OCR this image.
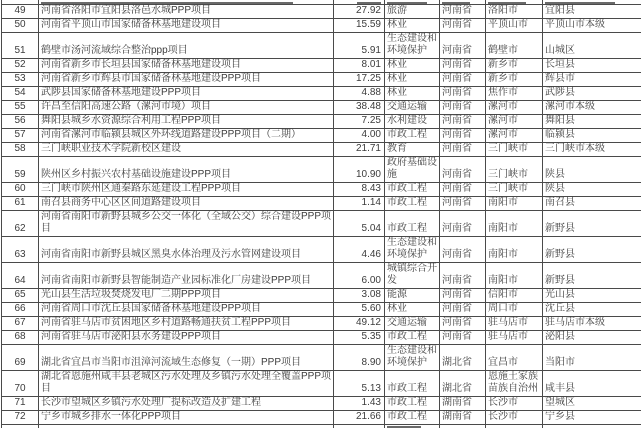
49	河南省洛阳市宜阳县洛邑水城PPP项目	27.92	旅游	河南省	洛阳市	宜阳县
50	河南省平顶山市国家储备林基地建设项目	15.59	林业	河南省	平顶山市	平顶山市本级
51	鹤壁市汤河流域综合整治ppp项目	5.91	生态建设和环境保护	河南省	鹤壁市	山城区
52	河南省新乡市长垣县国家储备林基地建设项目	8.01	林业	河南省	新乡市	长垣县
53	河南省新乡市辉县市国家储备林基地建设PPP项目	17.25	林业	河南省	新乡市	辉县市
54	武陟县国家储备林基地建设PPP项目	4.88	林业	河南省	焦作市	武陟县
55	许昌至信阳高速公路（漯河市境）项目	38.48	交通运输	河南省	漯河市	漯河市本级
56	舞阳县城乡水资源综合利用工程PPP项目	7.25	水利建设	河南省	漯河市	舞阳县
57	河南省漯河市临颍县城区外环线道路建设PPP项目（二期）	4.00	市政工程	河南省	漯河市	临颍县
58	三门峡职业技术学院新校区建设	21.71	教育	河南省	三门峡市	三门峡市本级
59	陕州区乡村振兴农村基础设施建设PPP项目	10.90	政府基础设施	河南省	三门峡市	陕县
60	三门峡市陕州区通秦路东延建设工程PPP项目	8.43	市政工程	河南省	三门峡市	陕县
61	南召县商务中心区区间道路建设项目	1.14	市政工程	河南省	南阳市	南召县
62	河南省南阳市新野县城乡公交一体化（全域公交）综合建设PPP项目	5.04	市政工程	河南省	南阳市	新野县
63	河南省南阳市新野县城区黑臭水体治理及污水管网建设项目	4.46	生态建设和环境保护	河南省	南阳市	新野县
64	河南省南阳市新野县智能制造产业园标准化厂房建设PPP项目	6.00	城镇综合开发	河南省	南阳市	新野县
65	光山县生活垃圾焚烧发电厂二期PPP项目	3.08	能源	河南省	信阳市	光山县
66	河南省周口市沈丘县国家储备林基地建设PPP项目	5.60	林业	河南省	周口市	沈丘县
67	河南省驻马店市贫困地区乡村道路畅通扶贫工程PPP项目	49.12	交通运输	河南省	驻马店市	驻马店市本级
68	河南省驻马店市泌阳县水务建设PPP项目	5.35	市政工程	河南省	驻马店市	泌阳县
69	湖北省宜昌市当阳市沮漳河流域生态修复（一期）PPP项目	8.90	生态建设和环境保护	湖北省	宜昌市	当阳市
70	湖北省恩施州咸丰县老城区污水处理及乡镇污水处理全覆盖PPP项目	5.13	市政工程	湖北省	恩施土家族苗族自治州	咸丰县
71	长沙市望城区乡镇污水处理厂提标改造及扩建工程	1.43	市政工程	湖南省	长沙市	望城区
72	宁乡市城乡排水一体化PPP项目	21.66	市政工程	湖南省	长沙市	宁乡县
